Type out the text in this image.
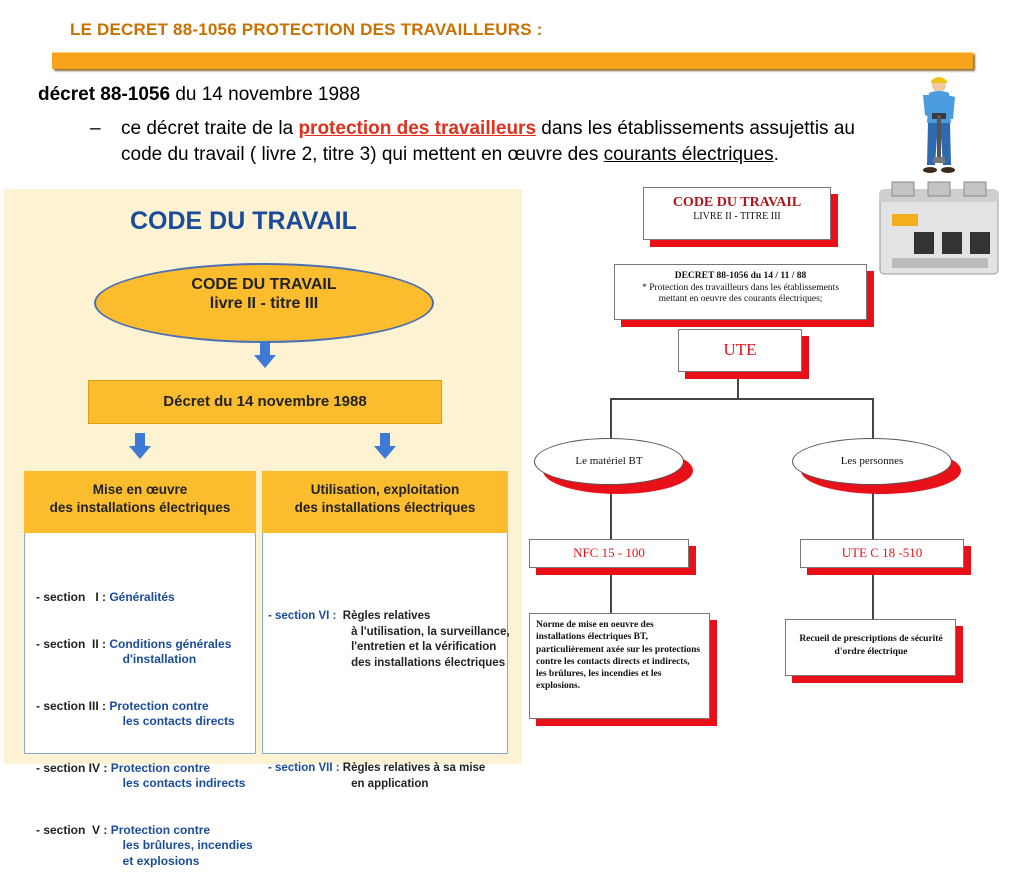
LE DECRET 88-1056 PROTECTION DES TRAVAILLEURS :
décret 88-1056 du 14 novembre 1988
–	ce décret traite de la protection des travailleurs dans les établissements assujettis au code du travail ( livre 2, titre 3) qui mettent en œuvre des courants électriques.
CODE DU TRAVAIL
CODE DU TRAVAIL
livre II - titre III
Décret du 14 novembre 1988
Mise en œuvre
des installations électriques

- section   I : Généralités

- section  II : Conditions générales
d'installation

- section III : Protection contre
les contacts directs

- section IV : Protection contre
les contacts indirects

- section  V : Protection contre
les brûlures, incendies
et explosions

Utilisation, exploitation
des installations électriques

- section VI :  Règles relatives
à l'utilisation, la surveillance,
l'entretien et la vérification
des installations électriques

- section VII : Règles relatives à sa mise
en application

CODE DU TRAVAIL
LIVRE II - TITRE III
DECRET 88-1056 du 14 / 11 / 88
* Protection des travailleurs dans les établissements
mettant en oeuvre des courants électriques;
UTE
Le matériel BT	Les personnes
NFC 15 - 100	UTE C 18 -510
Norme de mise en oeuvre des installations électriques BT, particulièrement axée sur les protections contre les contacts directs et indirects, les brûlures, les incendies et les explosions.
Recueil de prescriptions de sécurité d'ordre électrique
